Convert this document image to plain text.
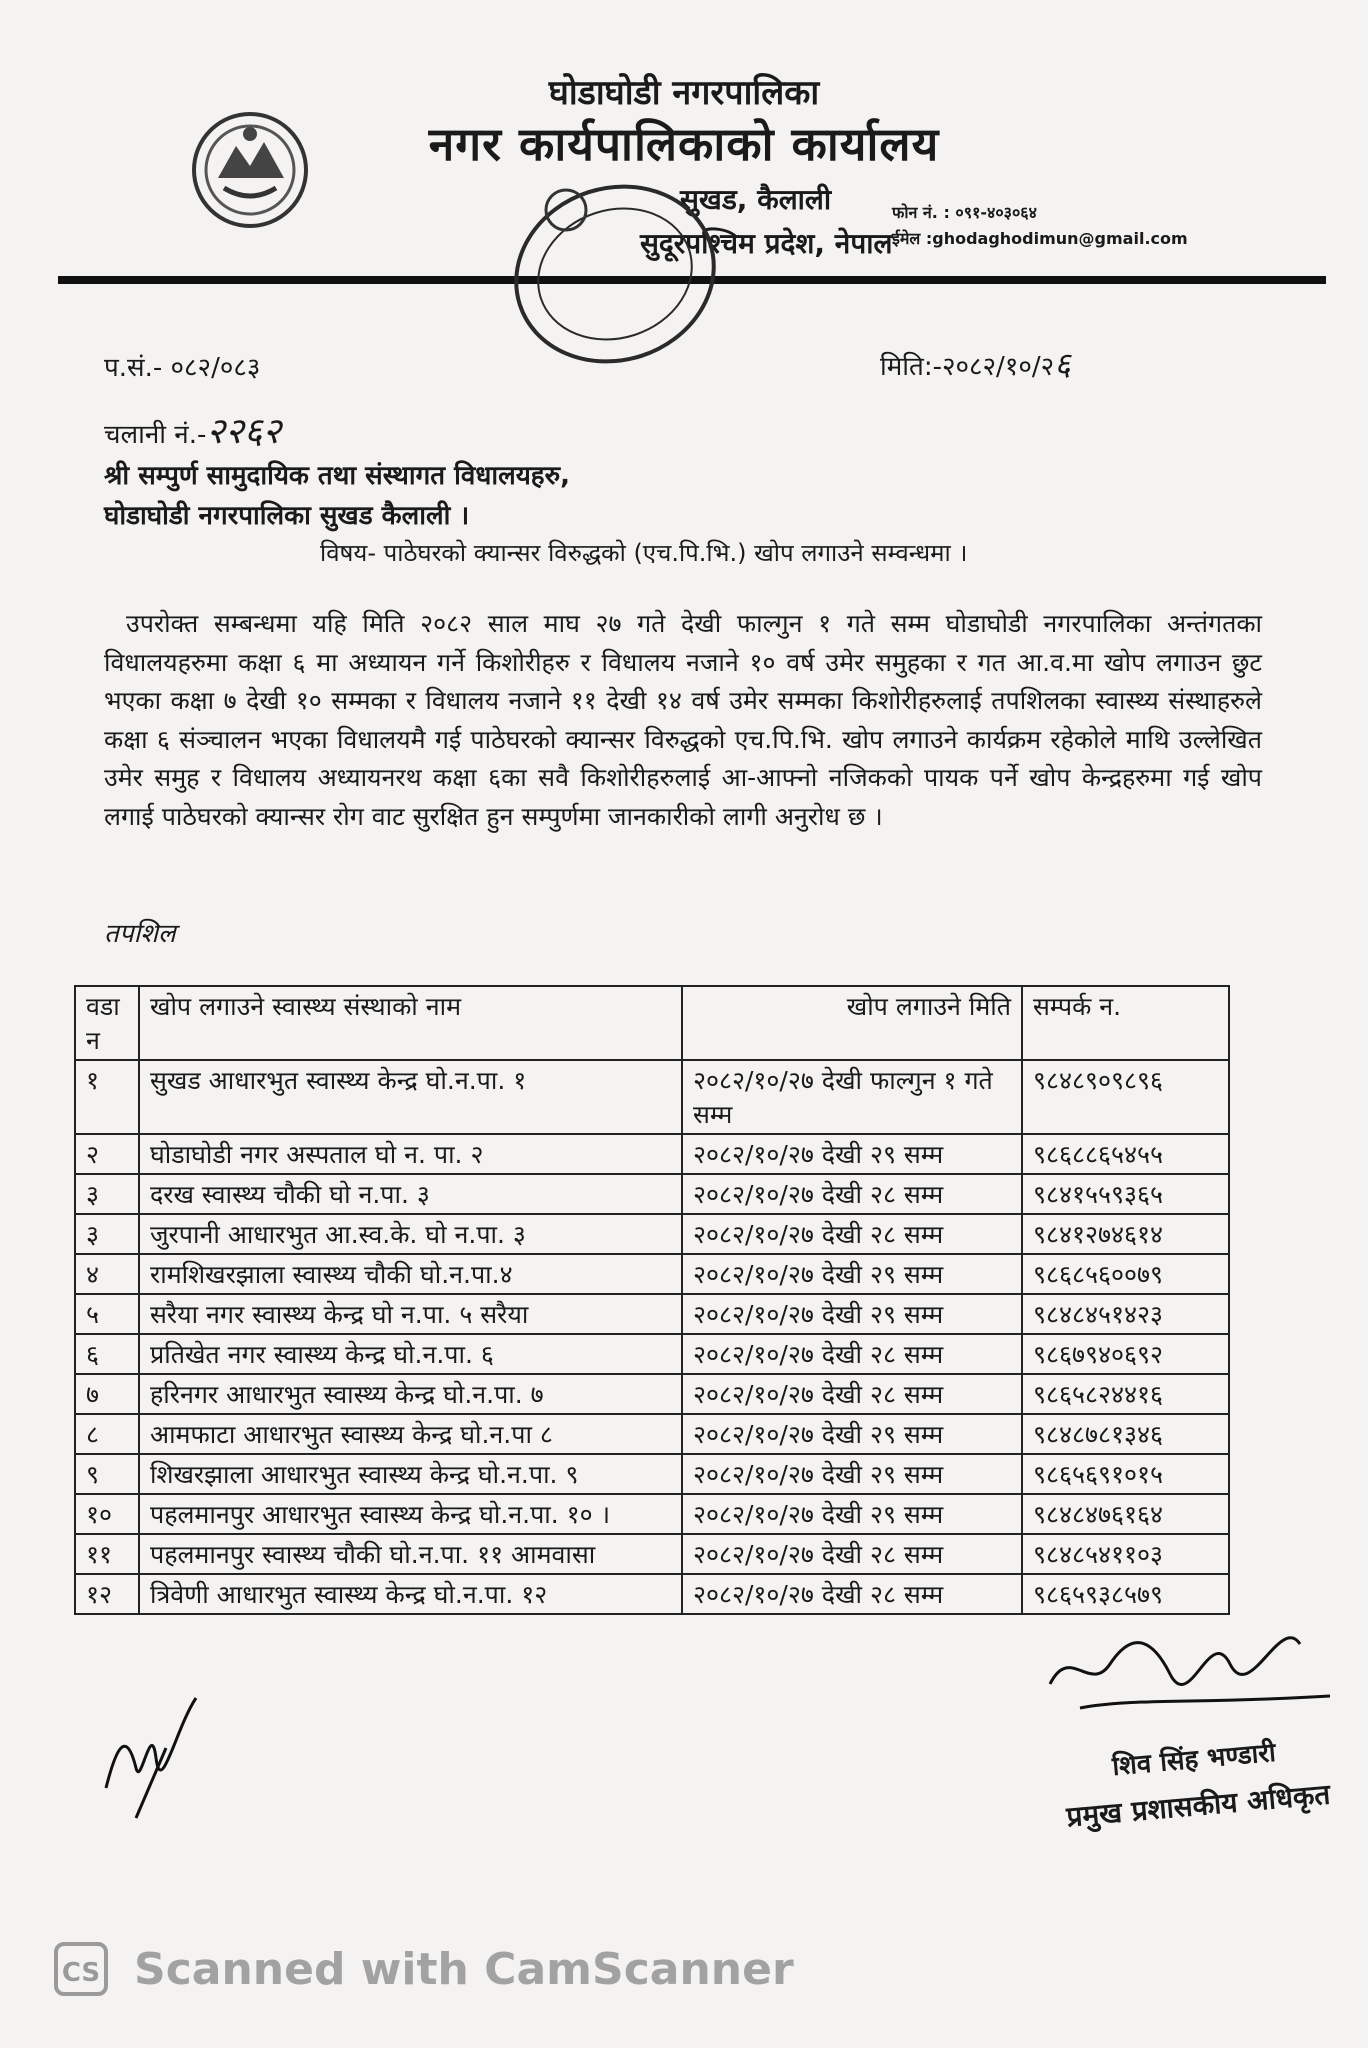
घोडाघोडी नगरपालिका
नगर कार्यपालिकाको कार्यालय
सुखड, कैलाली
सुदूरपश्चिम प्रदेश, नेपाल
फोन नं. : ०९१-४०३०६४
ईमेल :ghodaghodimun@gmail.com
प.सं.- ०८२/०८३	मिति:-२०८२/१०/२६
चलानी नं.-२२६२
श्री सम्पुर्ण सामुदायिक तथा संस्थागत विधालयहरु,
घोडाघोडी नगरपालिका सुखड कैलाली ।
विषय- पाठेघरको क्यान्सर विरुद्धको (एच.पि.भि.) खोप लगाउने सम्वन्धमा ।
उपरोक्त सम्बन्धमा यहि मिति २०८२ साल माघ २७ गते देखी फाल्गुन १ गते सम्म घोडाघोडी नगरपालिका अन्तंगतका विधालयहरुमा कक्षा ६ मा अध्यायन गर्ने किशोरीहरु र विधालय नजाने १० वर्ष उमेर समुहका र गत आ.व.मा खोप लगाउन छुट भएका कक्षा ७ देखी १० सम्मका र विधालय नजाने ११ देखी १४ वर्ष उमेर सम्मका किशोरीहरुलाई तपशिलका स्वास्थ्य संस्थाहरुले कक्षा ६ संञ्चालन भएका विधालयमै गई पाठेघरको क्यान्सर विरुद्धको एच.पि.भि. खोप लगाउने कार्यक्रम रहेकोले माथि उल्लेखित उमेर समुह र विधालय अध्यायनरथ कक्षा ६का सवै किशोरीहरुलाई आ-आफ्नो नजिकको पायक पर्ने खोप केन्द्रहरुमा गई खोप लगाई पाठेघरको क्यान्सर रोग वाट सुरक्षित हुन सम्पुर्णमा जानकारीको लागी अनुरोध छ ।
तपशिल
वडा न	खोप लगाउने स्वास्थ्य संस्थाको नाम	खोप लगाउने मिति	सम्पर्क न.
१	सुखड आधारभुत स्वास्थ्य केन्द्र घो.न.पा. १	२०८२/१०/२७ देखी फाल्गुन १ गते सम्म	९८४८९०९८९६
२	घोडाघोडी नगर अस्पताल घो न. पा. २	२०८२/१०/२७ देखी २९ सम्म	९८६८८६५४५५
३	दरख स्वास्थ्य चौकी घो न.पा. ३	२०८२/१०/२७ देखी २८ सम्म	९८४१५५९३६५
३	जुरपानी आधारभुत आ.स्व.के. घो न.पा. ३	२०८२/१०/२७ देखी २८ सम्म	९८४१२७४६१४
४	रामशिखरझाला स्वास्थ्य चौकी घो.न.पा.४	२०८२/१०/२७ देखी २९ सम्म	९८६८५६००७९
५	सरैया नगर स्वास्थ्य केन्द्र घो न.पा. ५ सरैया	२०८२/१०/२७ देखी २९ सम्म	९८४८४५१४२३
६	प्रतिखेत नगर स्वास्थ्य केन्द्र घो.न.पा. ६	२०८२/१०/२७ देखी २८ सम्म	९८६७९४०६९२
७	हरिनगर आधारभुत स्वास्थ्य केन्द्र घो.न.पा. ७	२०८२/१०/२७ देखी २८ सम्म	९८६५८२४४१६
८	आमफाटा आधारभुत स्वास्थ्य केन्द्र घो.न.पा ८	२०८२/१०/२७ देखी २९ सम्म	९८४८७८१३४६
९	शिखरझाला आधारभुत स्वास्थ्य केन्द्र घो.न.पा. ९	२०८२/१०/२७ देखी २९ सम्म	९८६५६९१०१५
१०	पहलमानपुर आधारभुत स्वास्थ्य केन्द्र घो.न.पा. १० ।	२०८२/१०/२७ देखी २९ सम्म	९८४८४७६१६४
११	पहलमानपुर स्वास्थ्य चौकी घो.न.पा. ११ आमवासा	२०८२/१०/२७ देखी २८ सम्म	९८४८५४११०३
१२	त्रिवेणी आधारभुत स्वास्थ्य केन्द्र घो.न.पा. १२	२०८२/१०/२७ देखी २८ सम्म	९८६५९३८५७९
शिव सिंह भण्डारी
प्रमुख प्रशासकीय अधिकृत
CS Scanned with CamScanner
